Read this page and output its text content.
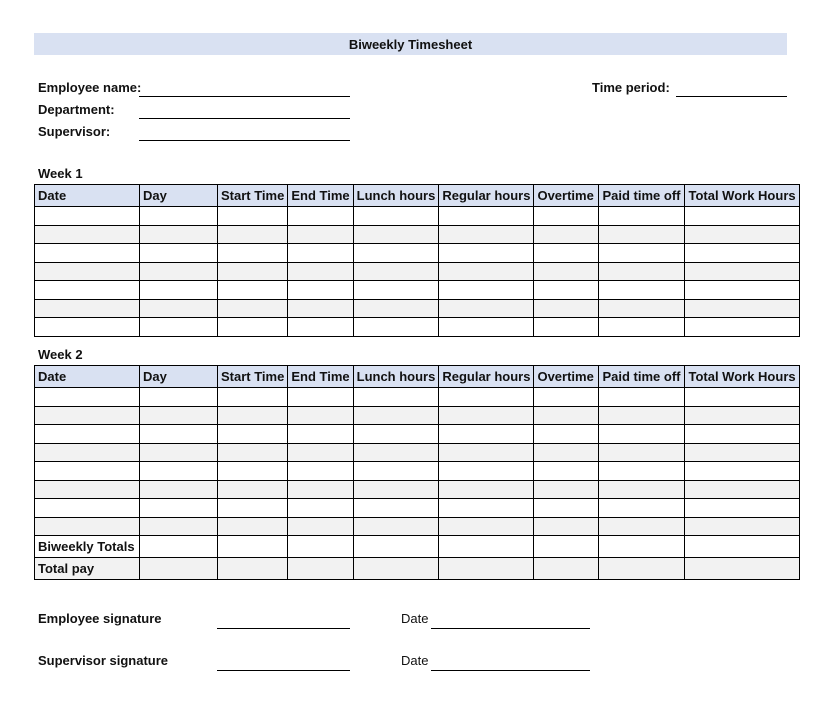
Biweekly Timesheet
Employee name:
Department:
Supervisor:
Time period:
Week 1
Date	Day	Start Time	End Time	Lunch hours	Regular hours	Overtime	Paid time off	Total Work Hours

Week 2
Date	Day	Start Time	End Time	Lunch hours	Regular hours	Overtime	Paid time off	Total Work Hours

Biweekly Totals								
Total pay								
Employee signature	Date
Supervisor signature	Date
